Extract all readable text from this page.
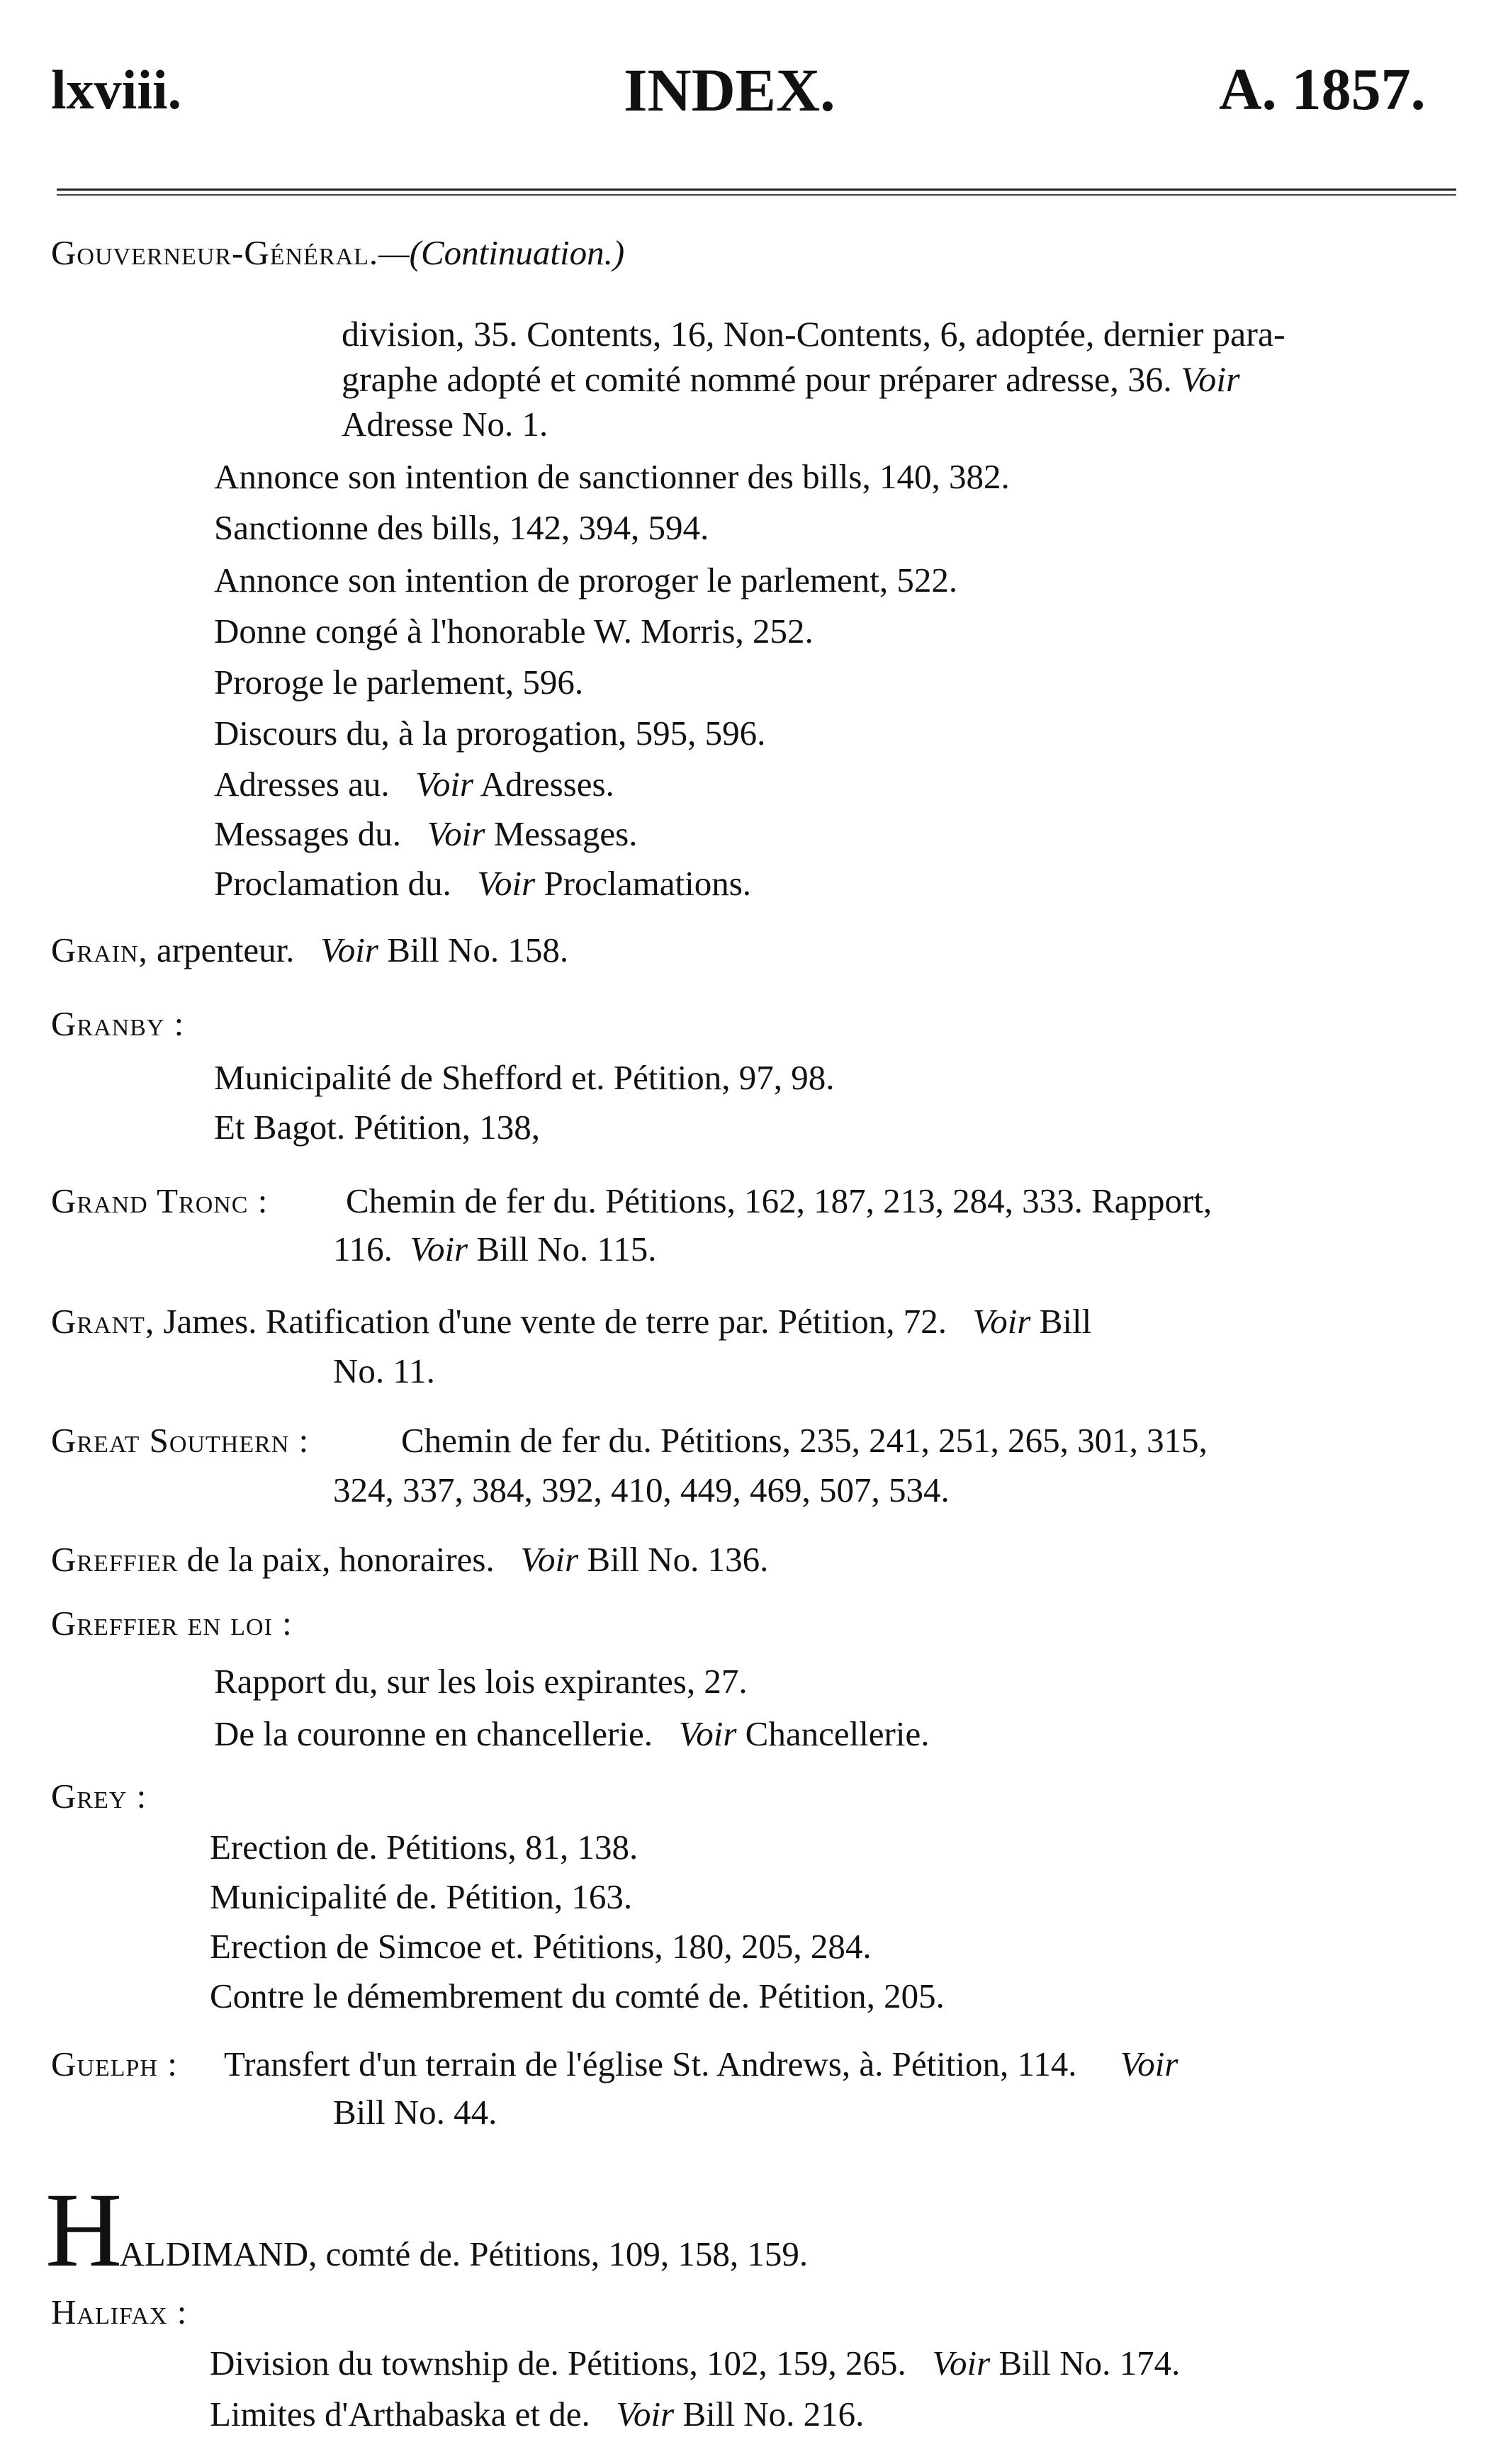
lxviii.	INDEX.	A. 1857.
Gouverneur-Général.—(Continuation.)
division, 35. Contents, 16, Non-Contents, 6, adoptée, dernier para-
graphe adopté et comité nommé pour préparer adresse, 36. Voir
Adresse No. 1.
Annonce son intention de sanctionner des bills, 140, 382.
Sanctionne des bills, 142, 394, 594.
Annonce son intention de proroger le parlement, 522.
Donne congé à l'honorable W. Morris, 252.
Proroge le parlement, 596.
Discours du, à la prorogation, 595, 596.
Adresses au. Voir Adresses.
Messages du. Voir Messages.
Proclamation du. Voir Proclamations.
Grain, arpenteur. Voir Bill No. 158.
Granby :
Municipalité de Shefford et. Pétition, 97, 98.
Et Bagot. Pétition, 138,
Grand Tronc : Chemin de fer du. Pétitions, 162, 187, 213, 284, 333. Rapport,
116. Voir Bill No. 115.
Grant, James. Ratification d'une vente de terre par. Pétition, 72. Voir Bill
No. 11.
Great Southern :	Chemin de fer du. Pétitions, 235, 241, 251, 265, 301, 315,
324, 337, 384, 392, 410, 449, 469, 507, 534.
Greffier de la paix, honoraires. Voir Bill No. 136.
Greffier en loi :
Rapport du, sur les lois expirantes, 27.
De la couronne en chancellerie. Voir Chancellerie.
Grey :
Erection de. Pétitions, 81, 138.
Municipalité de. Pétition, 163.
Erection de Simcoe et. Pétitions, 180, 205, 284.
Contre le démembrement du comté de. Pétition, 205.
Guelph : Transfert d'un terrain de l'église St. Andrews, à. Pétition, 114. Voir
Bill No. 44.
HALDIMAND, comté de. Pétitions, 109, 158, 159.
Halifax :
Division du township de. Pétitions, 102, 159, 265. Voir Bill No. 174.
Limites d'Arthabaska et de. Voir Bill No. 216.
